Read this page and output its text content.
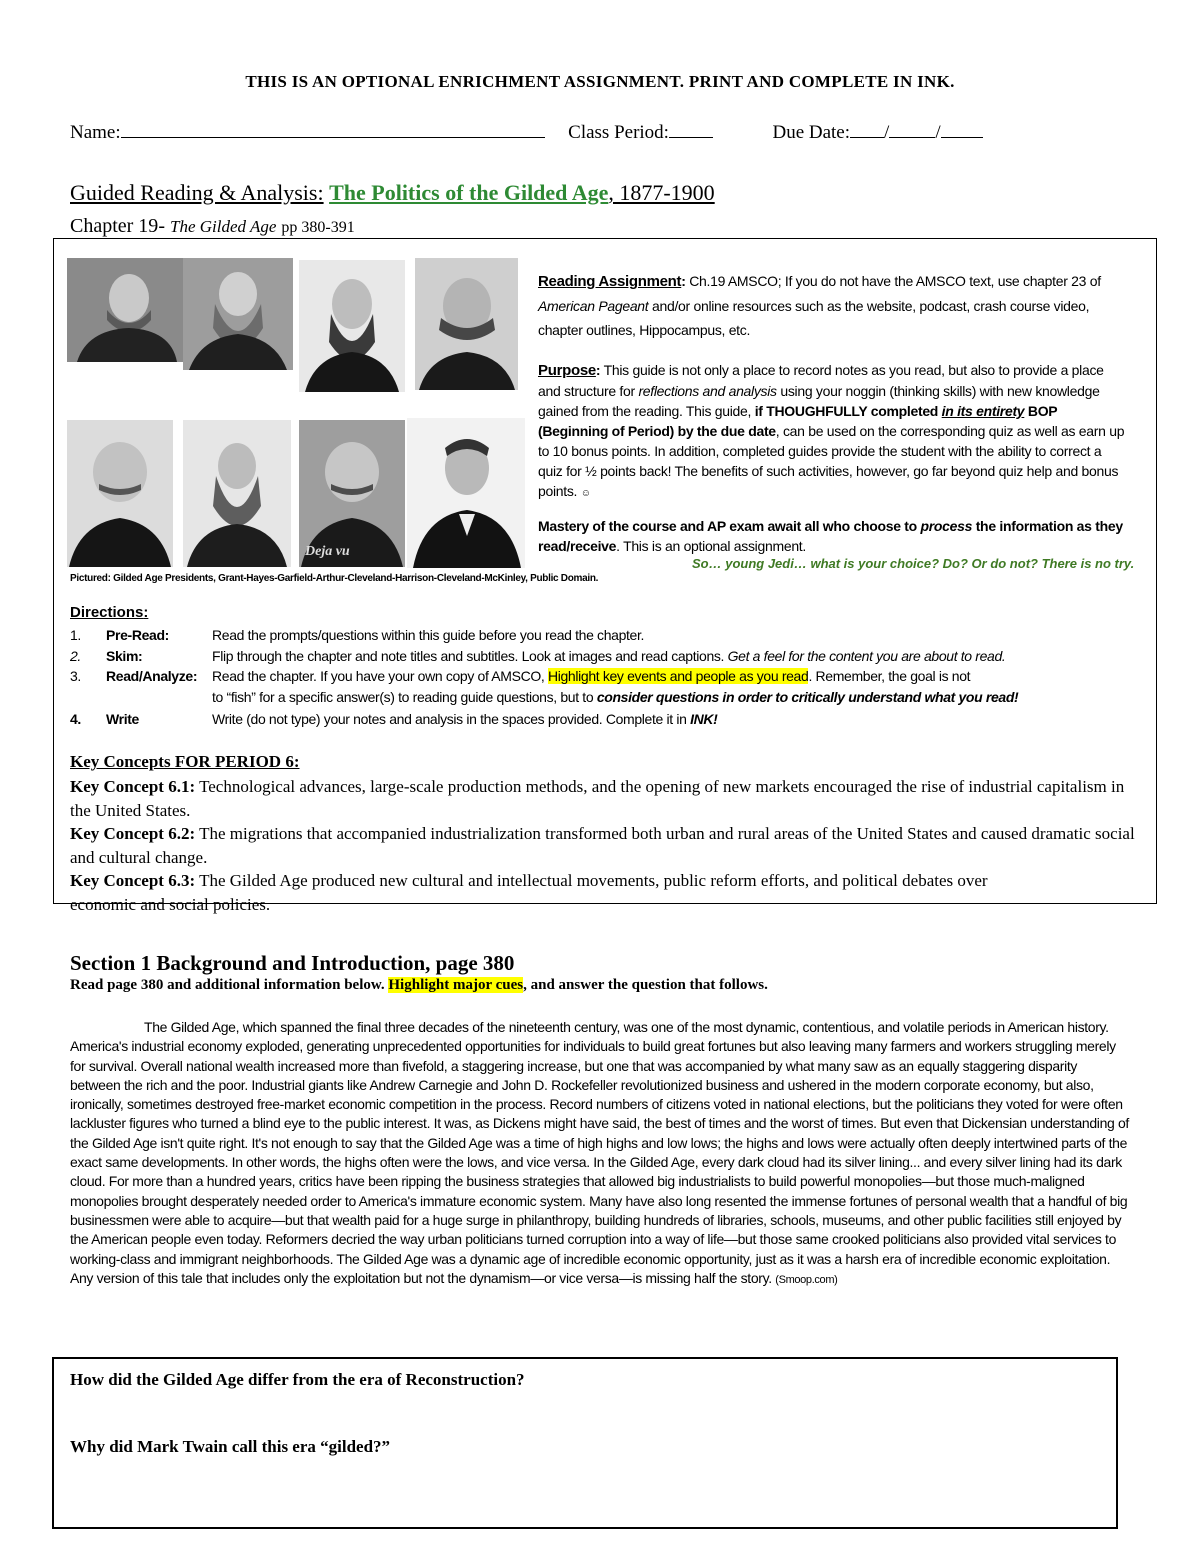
THIS IS AN OPTIONAL ENRICHMENT ASSIGNMENT. PRINT AND COMPLETE IN INK.
Name:	Class Period:	Due Date: / /
Guided Reading & Analysis: The Politics of the Gilded Age, 1877-1900
Chapter 19- The Gilded Age pp 380-391
Deja vu
Pictured: Gilded Age Presidents, Grant-Hayes-Garfield-Arthur-Cleveland-Harrison-Cleveland-McKinley, Public Domain.
Reading Assignment: Ch.19 AMSCO; If you do not have the AMSCO text, use chapter 23 of American Pageant and/or online resources such as the website, podcast, crash course video, chapter outlines, Hippocampus, etc.
Purpose: This guide is not only a place to record notes as you read, but also to provide a place and structure for reflections and analysis using your noggin (thinking skills) with new knowledge gained from the reading. This guide, if THOUGHFULLY completed in its entirety BOP (Beginning of Period) by the due date, can be used on the corresponding quiz as well as earn up to 10 bonus points. In addition, completed guides provide the student with the ability to correct a quiz for ½ points back! The benefits of such activities, however, go far beyond quiz help and bonus points. ☺
Mastery of the course and AP exam await all who choose to process the information as they read/receive. This is an optional assignment.
So… young Jedi… what is your choice? Do? Or do not? There is no try.
Directions:
1. Pre-Read:	Read the prompts/questions within this guide before you read the chapter.
2. Skim:	Flip through the chapter and note titles and subtitles. Look at images and read captions. Get a feel for the content you are about to read.
3. Read/Analyze: Read the chapter. If you have your own copy of AMSCO, Highlight key events and people as you read. Remember, the goal is not
to “fish” for a specific answer(s) to reading guide questions, but to consider questions in order to critically understand what you read!
4. Write	Write (do not type) your notes and analysis in the spaces provided. Complete it in INK!
Key Concepts FOR PERIOD 6:
Key Concept 6.1: Technological advances, large-scale production methods, and the opening of new markets encouraged the rise of industrial capitalism in the United States.
Key Concept 6.2: The migrations that accompanied industrialization transformed both urban and rural areas of the United States and caused dramatic social and cultural change.
Key Concept 6.3: The Gilded Age produced new cultural and intellectual movements, public reform efforts, and political debates over economic and social policies.
Section 1 Background and Introduction, page 380
Read page 380 and additional information below. Highlight major cues, and answer the question that follows.
The Gilded Age, which spanned the final three decades of the nineteenth century, was one of the most dynamic, contentious, and volatile periods in American history. America's industrial economy exploded, generating unprecedented opportunities for individuals to build great fortunes but also leaving many farmers and workers struggling merely for survival. Overall national wealth increased more than fivefold, a staggering increase, but one that was accompanied by what many saw as an equally staggering disparity between the rich and the poor. Industrial giants like Andrew Carnegie and John D. Rockefeller revolutionized business and ushered in the modern corporate economy, but also, ironically, sometimes destroyed free-market economic competition in the process. Record numbers of citizens voted in national elections, but the politicians they voted for were often lackluster figures who turned a blind eye to the public interest. It was, as Dickens might have said, the best of times and the worst of times. But even that Dickensian understanding of the Gilded Age isn't quite right. It's not enough to say that the Gilded Age was a time of high highs and low lows; the highs and lows were actually often deeply intertwined parts of the exact same developments. In other words, the highs often were the lows, and vice versa. In the Gilded Age, every dark cloud had its silver lining... and every silver lining had its dark cloud. For more than a hundred years, critics have been ripping the business strategies that allowed big industrialists to build powerful monopolies—but those much-maligned monopolies brought desperately needed order to America's immature economic system. Many have also long resented the immense fortunes of personal wealth that a handful of big businessmen were able to acquire—but that wealth paid for a huge surge in philanthropy, building hundreds of libraries, schools, museums, and other public facilities still enjoyed by the American people even today. Reformers decried the way urban politicians turned corruption into a way of life—but those same crooked politicians also provided vital services to working-class and immigrant neighborhoods. The Gilded Age was a dynamic age of incredible economic opportunity, just as it was a harsh era of incredible economic exploitation. Any version of this tale that includes only the exploitation but not the dynamism—or vice versa—is missing half the story. (Smoop.com)
How did the Gilded Age differ from the era of Reconstruction?
Why did Mark Twain call this era “gilded?”
